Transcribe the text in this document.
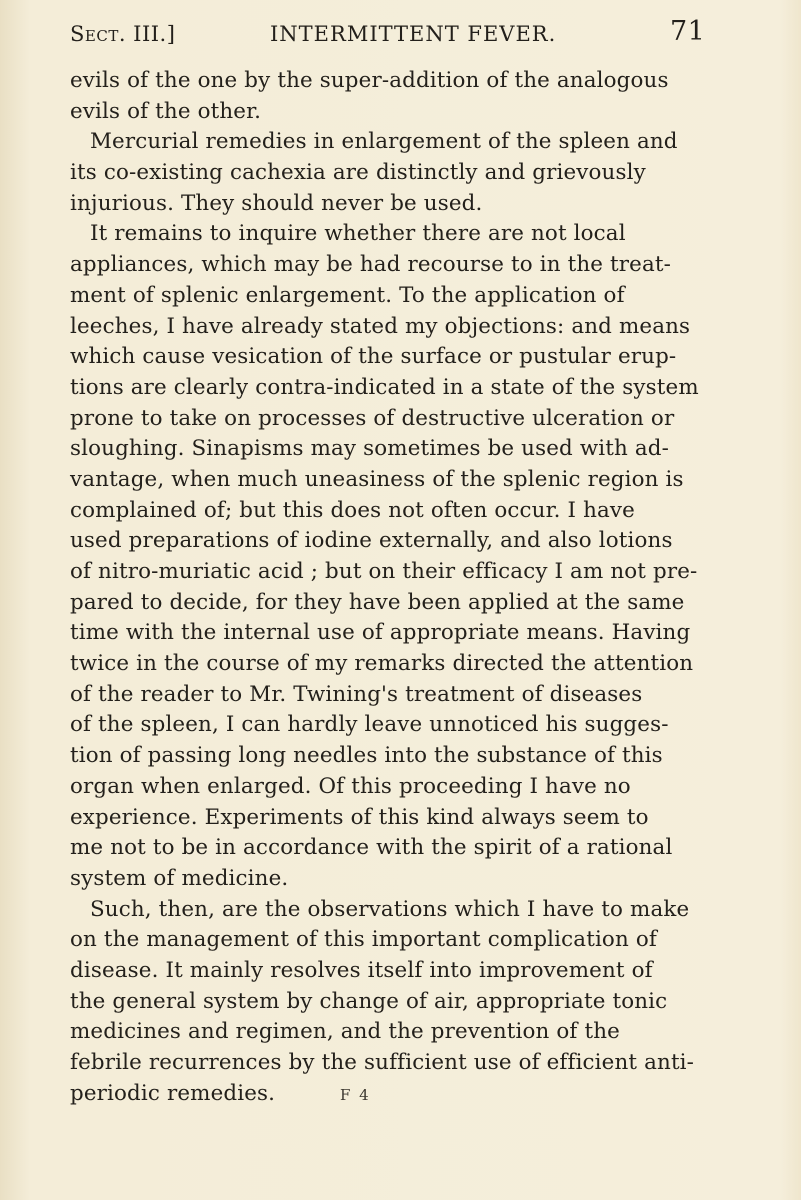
Sect. III.]	INTERMITTENT FEVER.	71
evils of the one by the super-addition of the analogous
evils of the other.
Mercurial remedies in enlargement of the spleen and
its co-existing cachexia are distinctly and grievously
injurious. They should never be used.
It remains to inquire whether there are not local
appliances, which may be had recourse to in the treat-
ment of splenic enlargement. To the application of
leeches, I have already stated my objections: and means
which cause vesication of the surface or pustular erup-
tions are clearly contra-indicated in a state of the system
prone to take on processes of destructive ulceration or
sloughing. Sinapisms may sometimes be used with ad-
vantage, when much uneasiness of the splenic region is
complained of; but this does not often occur. I have
used preparations of iodine externally, and also lotions
of nitro-muriatic acid ; but on their efficacy I am not pre-
pared to decide, for they have been applied at the same
time with the internal use of appropriate means. Having
twice in the course of my remarks directed the attention
of the reader to Mr. Twining's treatment of diseases
of the spleen, I can hardly leave unnoticed his sugges-
tion of passing long needles into the substance of this
organ when enlarged. Of this proceeding I have no
experience. Experiments of this kind always seem to
me not to be in accordance with the spirit of a rational
system of medicine.
Such, then, are the observations which I have to make
on the management of this important complication of
disease. It mainly resolves itself into improvement of
the general system by change of air, appropriate tonic
medicines and regimen, and the prevention of the
febrile recurrences by the sufficient use of efficient anti-
periodic remedies.	F 4
